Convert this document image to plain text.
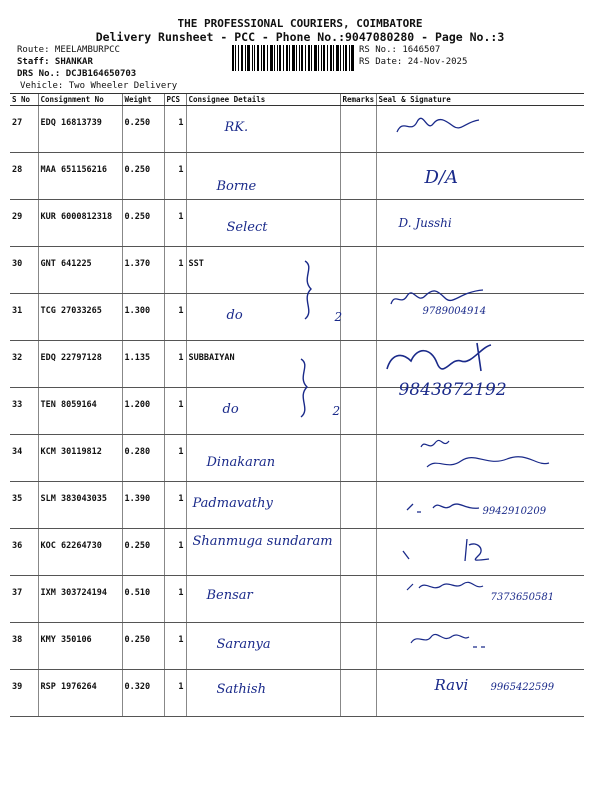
THE PROFESSIONAL COURIERS, COIMBATORE
Delivery Runsheet - PCC - Phone No.:9047080280 - Page No.:3
Route: MEELAMBURPCC
Staff: SHANKAR
DRS No.: DCJB164650703
Vehicle: Two Wheeler Delivery
RS No.: 1646507
RS Date: 24-Nov-2025
S No	Consignment No	Weight	PCS	Consignee Details	Remarks	Seal & Signature
27	EDQ 16813739	0.250	1	RK.

28	MAA 651156216	0.250	1	Borne		D/A

29	KUR 6000812318	0.250	1	Select		D. Jusshi

30	GNT 641225	1.370	1	SST

31	TCG 27033265	1.300	1	do 2		9789004914

32	EDQ 22797128	1.135	1	SUBBAIYAN

33	TEN 8059164	1.200	1	do 2		9843872192

34	KCM 30119812	0.280	1	Dinakaran

35	SLM 383043035	1.390	1	Padmavathy		9942910209

36	KOC 62264730	0.250	1	Shanmuga sundaram

37	IXM 303724194	0.510	1	Bensar		7373650581

38	KMY 350106	0.250	1	Saranya

39	RSP 1976264	0.320	1	Sathish		Ravi 9965422599
